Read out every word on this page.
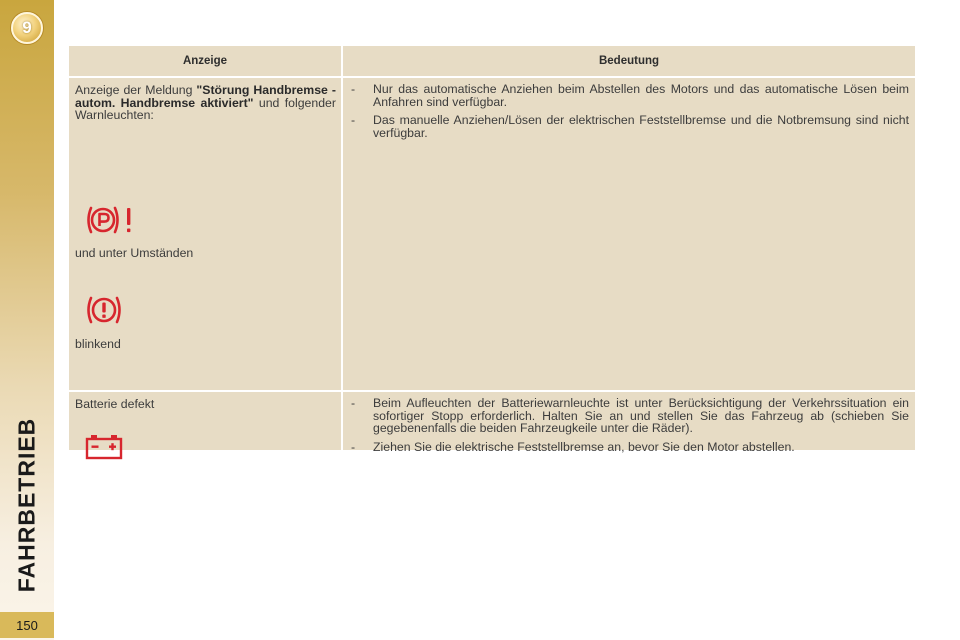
9
FAHRBETRIEB
150
Anzeige	Bedeutung

Anzeige der Meldung "Störung Handbremse - autom. Handbremse aktiviert" und folgender Warnleuchten:

und unter Umständen

blinkend

- Nur das automatische Anziehen beim Abstellen des Motors und das automatische Lösen beim Anfahren sind verfügbar.
- Das manuelle Anziehen/Lösen der elektrischen Feststellbremse und die Notbremsung sind nicht verfügbar.

Batterie defekt	- Beim Aufleuchten der Batteriewarnleuchte ist unter Berücksichtigung der Verkehrssituation ein sofortiger Stopp erforderlich. Halten Sie an und stellen Sie das Fahrzeug ab (schieben Sie gegebenenfalls die beiden Fahrzeugkeile unter die Räder).
- Ziehen Sie die elektrische Feststellbremse an, bevor Sie den Motor abstellen.
